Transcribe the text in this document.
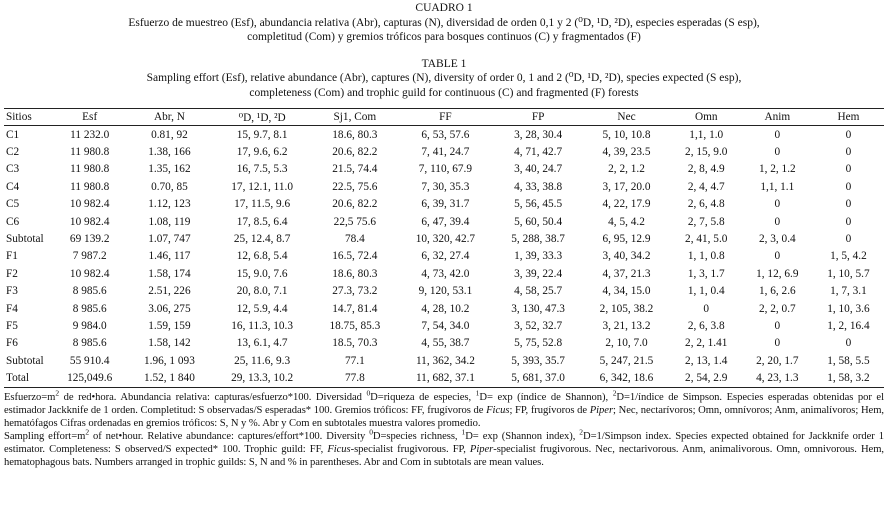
CUADRO 1
Esfuerzo de muestreo (Esf), abundancia relativa (Abr), capturas (N), diversidad de orden 0,1 y 2 (⁰D, ¹D, ²D), especies esperadas (S esp),
completitud (Com) y gremios tróficos para bosques continuos (C) y fragmentados (F)
TABLE 1
Sampling effort (Esf), relative abundance (Abr), captures (N), diversity of order 0, 1 and 2 (⁰D, ¹D, ²D), species expected (S esp),
completeness (Com) and trophic guild for continuous (C) and fragmented (F) forests
Sitios	Esf	Abr, N	⁰D, ¹D, ²D	Sj1, Com	FF	FP	Nec	Omn	Anim	Hem
C1	11 232.0	0.81, 92	15, 9.7, 8.1	18.6, 80.3	6, 53, 57.6	3, 28, 30.4	5, 10, 10.8	1,1, 1.0	0	0
C2	11 980.8	1.38, 166	17, 9.6, 6.2	20.6, 82.2	7, 41, 24.7	4, 71, 42.7	4, 39, 23.5	2, 15, 9.0	0	0
C3	11 980.8	1.35, 162	16, 7.5, 5.3	21.5, 74.4	7, 110, 67.9	3, 40, 24.7	2, 2, 1.2	2, 8, 4.9	1, 2, 1.2	0
C4	11 980.8	0.70, 85	17, 12.1, 11.0	22.5, 75.6	7, 30, 35.3	4, 33, 38.8	3, 17, 20.0	2, 4, 4.7	1,1, 1.1	0
C5	10 982.4	1.12, 123	17, 11.5, 9.6	20.6, 82.2	6, 39, 31.7	5, 56, 45.5	4, 22, 17.9	2, 6, 4.8	0	0
C6	10 982.4	1.08, 119	17, 8.5, 6.4	22,5 75.6	6, 47, 39.4	5, 60, 50.4	4, 5, 4.2	2, 7, 5.8	0	0
Subtotal	69 139.2	1.07, 747	25, 12.4, 8.7	78.4	10, 320, 42.7	5, 288, 38.7	6, 95, 12.9	2, 41, 5.0	2, 3, 0.4	0
F1	7 987.2	1.46, 117	12, 6.8, 5.4	16.5, 72.4	6, 32, 27.4	1, 39, 33.3	3, 40, 34.2	1, 1, 0.8	0	1, 5, 4.2
F2	10 982.4	1.58, 174	15, 9.0, 7.6	18.6, 80.3	4, 73, 42.0	3, 39, 22.4	4, 37, 21.3	1, 3, 1.7	1, 12, 6.9	1, 10, 5.7
F3	8 985.6	2.51, 226	20, 8.0, 7.1	27.3, 73.2	9, 120, 53.1	4, 58, 25.7	4, 34, 15.0	1, 1, 0.4	1, 6, 2.6	1, 7, 3.1
F4	8 985.6	3.06, 275	12, 5.9, 4.4	14.7, 81.4	4, 28, 10.2	3, 130, 47.3	2, 105, 38.2	0	2, 2, 0.7	1, 10, 3.6
F5	9 984.0	1.59, 159	16, 11.3, 10.3	18.75, 85.3	7, 54, 34.0	3, 52, 32.7	3, 21, 13.2	2, 6, 3.8	0	1, 2, 16.4
F6	8 985.6	1.58, 142	13, 6.1, 4.7	18.5, 70.3	4, 55, 38.7	5, 75, 52.8	2, 10, 7.0	2, 2, 1.41	0	0
Subtotal	55 910.4	1.96, 1 093	25, 11.6, 9.3	77.1	11, 362, 34.2	5, 393, 35.7	5, 247, 21.5	2, 13, 1.4	2, 20, 1.7	1, 58, 5.5
Total	125,049.6	1.52, 1 840	29, 13.3, 10.2	77.8	11, 682, 37.1	5, 681, 37.0	6, 342, 18.6	2, 54, 2.9	4, 23, 1.3	1, 58, 3.2

$Esfuerzo=m^2$ de red•hora. Abundancia relativa: capturas/esfuerzo*100. Diversidad $^0$D=riqueza de especies, $^1$D= exp (índice de Shannon), $^2$D=1/índice de Simpson. Especies esperadas obtenidas por el estimador Jackknife de 1 orden. Completitud: S observadas/S esperadas* 100. Gremios tróficos: FF, frugívoros de Ficus; FP, frugívoros de Piper; Nec, nectarívoros; Omn, omnívoros; Anm, animalívoros; Hem, hematófagos Cifras ordenadas en gremios tróficos: S, N y %. Abr y Com en subtotales muestra valores promedio.

Sampling $effort=m^2$ of net•hour. Relative abundance: captures/effort*100. Diversity $^0$D=species richness, $^1$D= exp (Shannon index), $^2$D=1/Simpson index. Species expected obtained for Jackknife order 1 estimator. Completeness: S observed/S expected* 100. Trophic guild: FF, Ficus-specialist frugivorous. FP, Piper-specialist frugivorous. Nec, nectarivorous. Anm, animalivorous. Omn, omnivorous. Hem, hematophagous bats. Numbers arranged in trophic guilds: S, N and % in parentheses. Abr and Com in subtotals are mean values.
